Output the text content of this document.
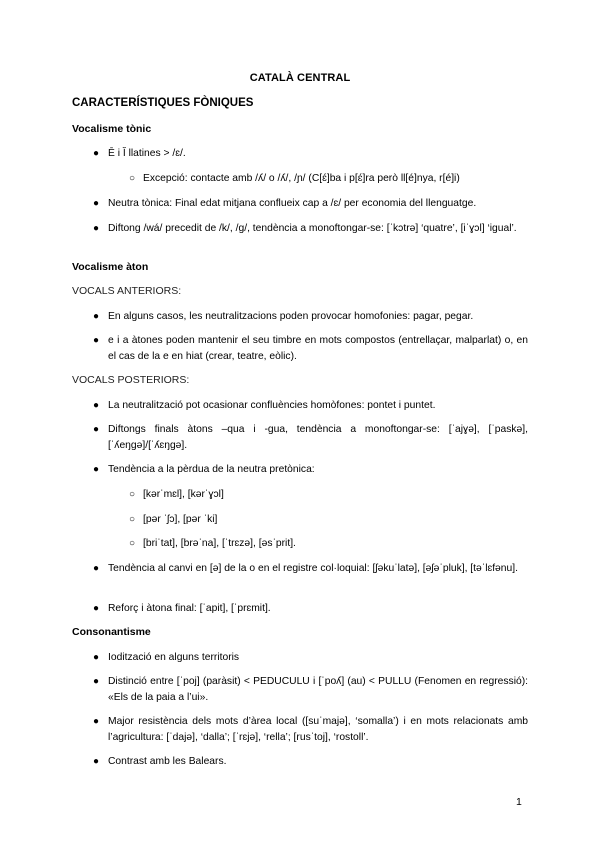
CATALÀ CENTRAL
CARACTERÍSTIQUES FÒNIQUES
Vocalisme tònic
● Ē i Ĭ llatines > /ɛ/.
○ Excepció: contacte amb /ʎ/ o /ʎ/, /ɲ/ (C[ɛ́]ba i p[ɛ́]ra però ll[é]nya, r[é]i)
● Neutra tònica: Final edat mitjana conflueix cap a /ɛ/ per economia del llenguatge.
● Diftong /wá/ precedit de /k/, /g/, tendència a monoftongar-se: [ˈkɔtrə] ‘quatre’, [iˈɣɔl] ‘igual’.
Vocalisme àton
VOCALS ANTERIORS:
● En alguns casos, les neutralitzacions poden provocar homofonies: pagar, pegar.
● e i a àtones poden mantenir el seu timbre en mots compostos (entrellaçar, malparlat) o, en el cas de la e en hiat (crear, teatre, eòlic).
VOCALS POSTERIORS:
● La neutralització pot ocasionar confluències homòfones: pontet i puntet.
● Diftongs finals àtons –qua i -gua, tendència a monoftongar-se: [ˈajɣə], [ˈpaskə], [ˈʎeŋgə]/[ˈʎɛŋgə].
● Tendència a la pèrdua de la neutra pretònica:
○ [kərˈmɛl], [kərˈɣɔl]
○ [pər ˈʃɔ], [pər ˈki]
○ [briˈtat], [brəˈna], [ˈtrɛzə], [əsˈprit].
● Tendència al canvi en [ə] de la o en el registre col·loquial: [ʃəkuˈlatə], [əʃəˈpluk], [təˈlɛfənu].
● Reforç i àtona final: [ˈapit], [ˈprɛmit].
Consonantisme
● Iodització en alguns territoris
● Distinció entre [ˈpoj] (paràsit) < PEDUCULU i [ˈpoʎ] (au) < PULLU (Fenomen en regressió): «Els de la paia a l’ui».
● Major resistència dels mots d’àrea local ([suˈmajə], ‘somalla’) i en mots relacionats amb l’agricultura: [ˈdajə], ‘dalla’; [ˈrɛjə], ‘rella’; [rusˈtoj], ‘rostoll’.
● Contrast amb les Balears.
1
